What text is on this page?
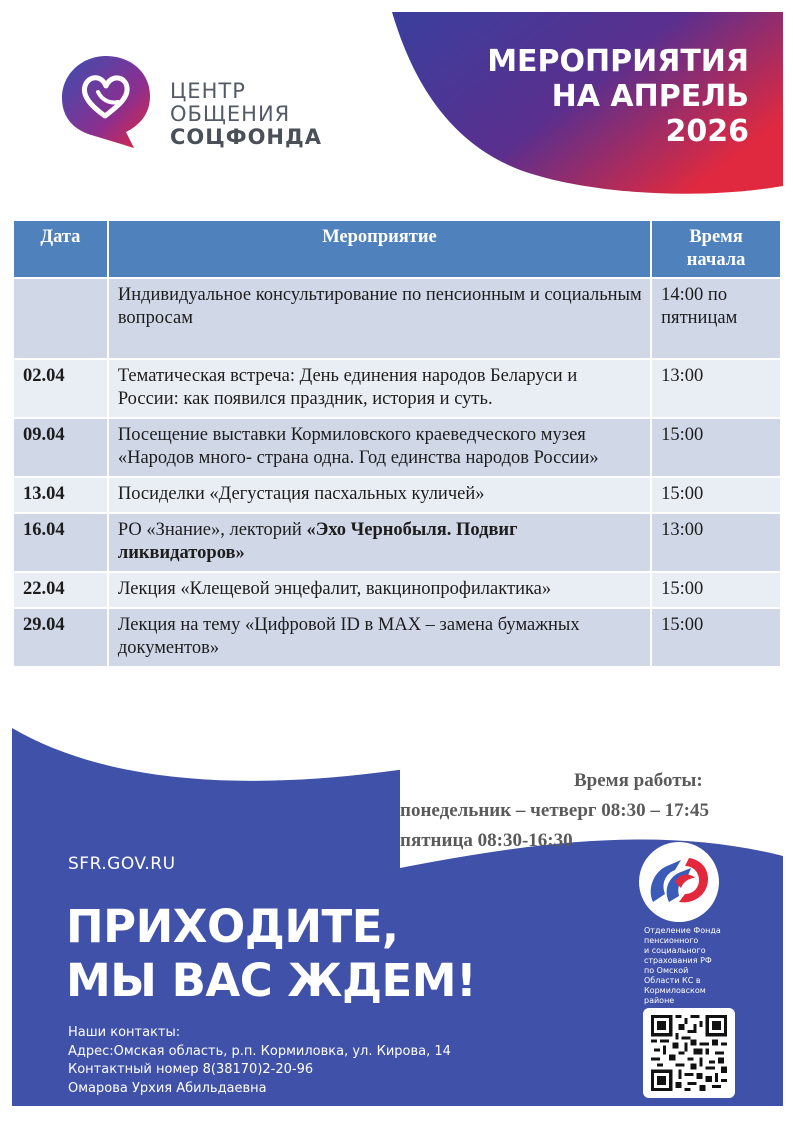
ЦЕНТР
ОБЩЕНИЯ
СОЦФОНДА
МЕРОПРИЯТИЯ
НА АПРЕЛЬ
2026
Дата	Мероприятие	Время
начала

	Индивидуальное консультирование по пенсионным и социальным вопросам	14:00 по пятницам
02.04	Тематическая встреча: День единения народов Беларуси и России: как появился праздник, история и суть.	13:00
09.04	Посещение выставки Кормиловского краеведческого музея «Народов много- страна одна. Год единства народов России»	15:00
13.04	Посиделки «Дегустация пасхальных куличей»	15:00
16.04	РО «Знание», лекторий «Эхо Чернобыля. Подвиг ликвидаторов»	13:00
22.04	Лекция «Клещевой энцефалит, вакцинопрофилактика»	15:00
29.04	Лекция на тему «Цифровой ID в MAX – замена бумажных документов»	15:00
Время работы:
понедельник – четверг 08:30 – 17:45
пятница 08:30-16:30
SFR.GOV.RU
ПРИХОДИТЕ,
МЫ ВАС ЖДЕМ!
Наши контакты:
Адрес:Омская область, р.п. Кормиловка, ул. Кирова, 14
Контактный номер 8(38170)2-20-96
Омарова Урхия Абильдаевна
Отделение Фонда
пенсионного
и социального
страхования РФ
по Омской
Области КС в
Кормиловском
районе
